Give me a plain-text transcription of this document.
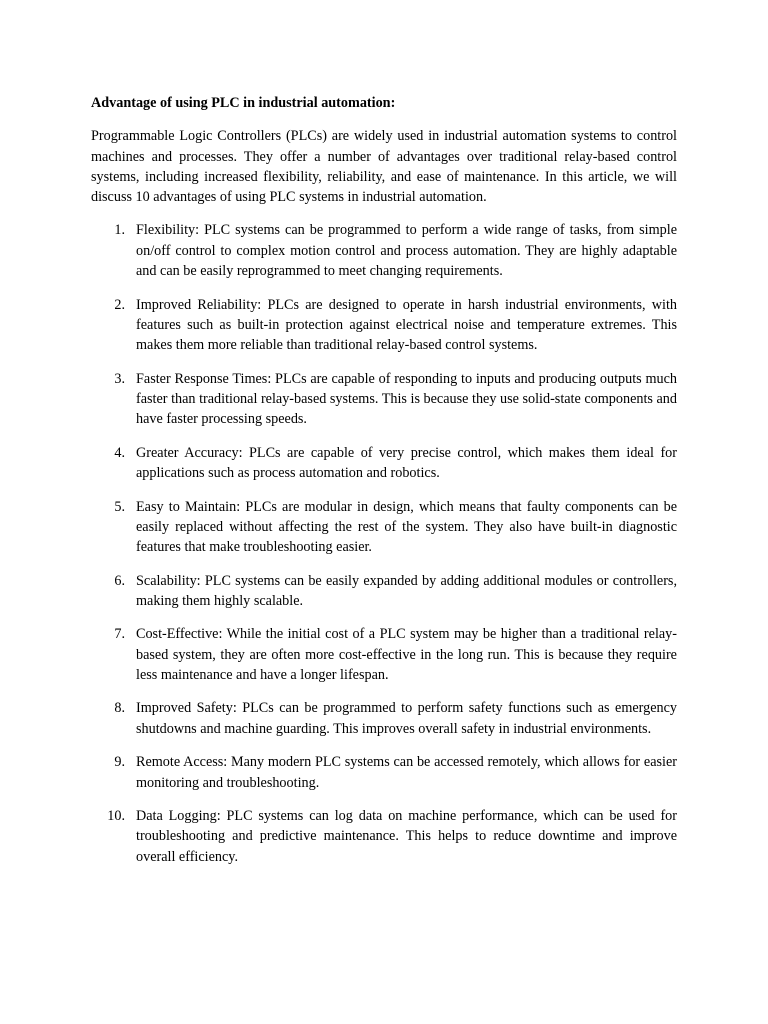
Advantage of using PLC in industrial automation:

Programmable Logic Controllers (PLCs) are widely used in industrial automation systems to control machines and processes. They offer a number of advantages over traditional relay-based control systems, including increased flexibility, reliability, and ease of maintenance. In this article, we will discuss 10 advantages of using PLC systems in industrial automation.

1. Flexibility: PLC systems can be programmed to perform a wide range of tasks, from simple on/off control to complex motion control and process automation. They are highly adaptable and can be easily reprogrammed to meet changing requirements.
2. Improved Reliability: PLCs are designed to operate in harsh industrial environments, with features such as built-in protection against electrical noise and temperature extremes. This makes them more reliable than traditional relay-based control systems.
3. Faster Response Times: PLCs are capable of responding to inputs and producing outputs much faster than traditional relay-based systems. This is because they use solid-state components and have faster processing speeds.
4. Greater Accuracy: PLCs are capable of very precise control, which makes them ideal for applications such as process automation and robotics.
5. Easy to Maintain: PLCs are modular in design, which means that faulty components can be easily replaced without affecting the rest of the system. They also have built-in diagnostic features that make troubleshooting easier.
6. Scalability: PLC systems can be easily expanded by adding additional modules or controllers, making them highly scalable.
7. Cost-Effective: While the initial cost of a PLC system may be higher than a traditional relay-based system, they are often more cost-effective in the long run. This is because they require less maintenance and have a longer lifespan.
8. Improved Safety: PLCs can be programmed to perform safety functions such as emergency shutdowns and machine guarding. This improves overall safety in industrial environments.
9. Remote Access: Many modern PLC systems can be accessed remotely, which allows for easier monitoring and troubleshooting.
10. Data Logging: PLC systems can log data on machine performance, which can be used for troubleshooting and predictive maintenance. This helps to reduce downtime and improve overall efficiency.
